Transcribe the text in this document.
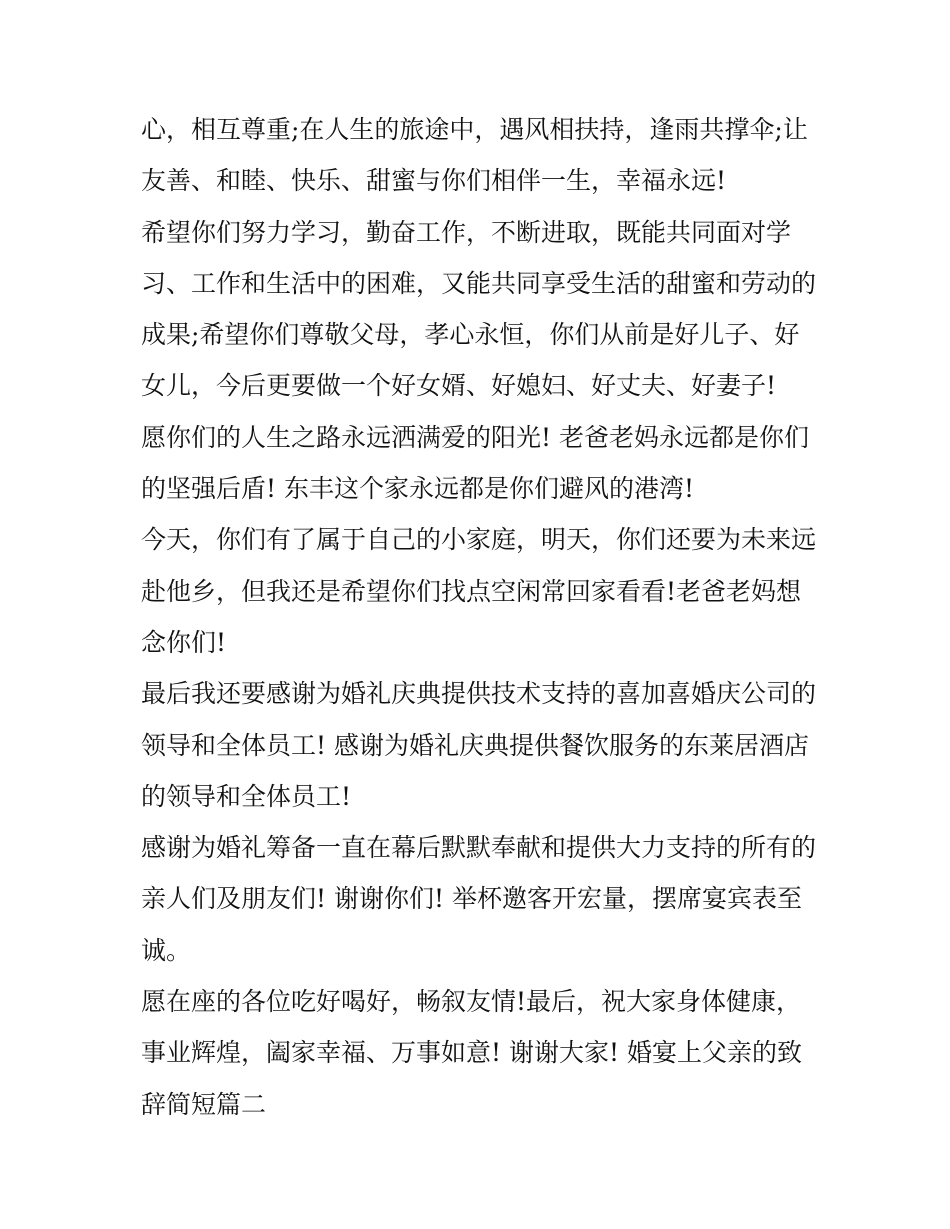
心，相互尊重;在人生的旅途中，遇风相扶持，逢雨共撑伞;让
友善、和睦、快乐、甜蜜与你们相伴一生，幸福永远!
希望你们努力学习，勤奋工作，不断进取，既能共同面对学
习、工作和生活中的困难，又能共同享受生活的甜蜜和劳动的
成果;希望你们尊敬父母，孝心永恒，你们从前是好儿子、好
女儿，今后更要做一个好女婿、好媳妇、好丈夫、好妻子!
愿你们的人生之路永远洒满爱的阳光! 老爸老妈永远都是你们
的坚强后盾! 东丰这个家永远都是你们避风的港湾!
今天，你们有了属于自己的小家庭，明天，你们还要为未来远
赴他乡，但我还是希望你们找点空闲常回家看看!老爸老妈想
念你们!
最后我还要感谢为婚礼庆典提供技术支持的喜加喜婚庆公司的
领导和全体员工! 感谢为婚礼庆典提供餐饮服务的东莱居酒店
的领导和全体员工!
感谢为婚礼筹备一直在幕后默默奉献和提供大力支持的所有的
亲人们及朋友们! 谢谢你们! 举杯邀客开宏量，摆席宴宾表至
诚。
愿在座的各位吃好喝好，畅叙友情!最后，祝大家身体健康，
事业辉煌，阖家幸福、万事如意! 谢谢大家! 婚宴上父亲的致
辞简短篇二
